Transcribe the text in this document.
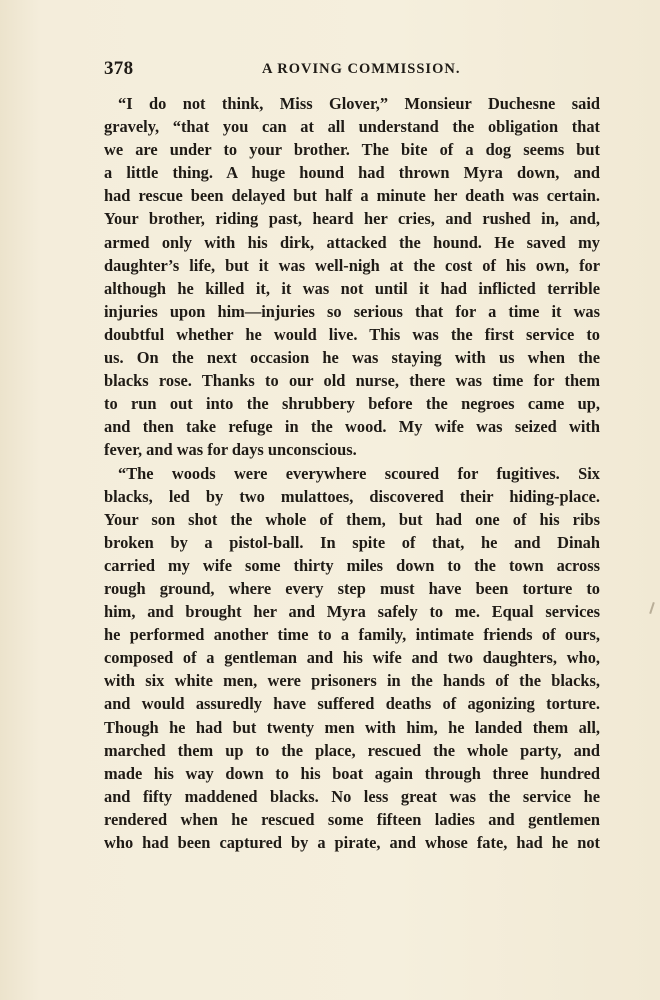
378	A ROVING COMMISSION.
“I do not think, Miss Glover,” Monsieur Duchesne said
gravely, “that you can at all understand the obligation that
we are under to your brother. The bite of a dog seems but
a little thing. A huge hound had thrown Myra down, and
had rescue been delayed but half a minute her death was certain.
Your brother, riding past, heard her cries, and rushed in, and,
armed only with his dirk, attacked the hound. He saved my
daughter’s life, but it was well-nigh at the cost of his own, for
although he killed it, it was not until it had inflicted terrible
injuries upon him—injuries so serious that for a time it was
doubtful whether he would live. This was the first service to
us. On the next occasion he was staying with us when the
blacks rose. Thanks to our old nurse, there was time for them
to run out into the shrubbery before the negroes came up,
and then take refuge in the wood. My wife was seized with
fever, and was for days unconscious.
“The woods were everywhere scoured for fugitives. Six
blacks, led by two mulattoes, discovered their hiding-place.
Your son shot the whole of them, but had one of his ribs
broken by a pistol-ball. In spite of that, he and Dinah
carried my wife some thirty miles down to the town across
rough ground, where every step must have been torture to
him, and brought her and Myra safely to me. Equal services
he performed another time to a family, intimate friends of ours,
composed of a gentleman and his wife and two daughters, who,
with six white men, were prisoners in the hands of the blacks,
and would assuredly have suffered deaths of agonizing torture.
Though he had but twenty men with him, he landed them all,
marched them up to the place, rescued the whole party, and
made his way down to his boat again through three hundred
and fifty maddened blacks. No less great was the service he
rendered when he rescued some fifteen ladies and gentlemen
who had been captured by a pirate, and whose fate, had he not
